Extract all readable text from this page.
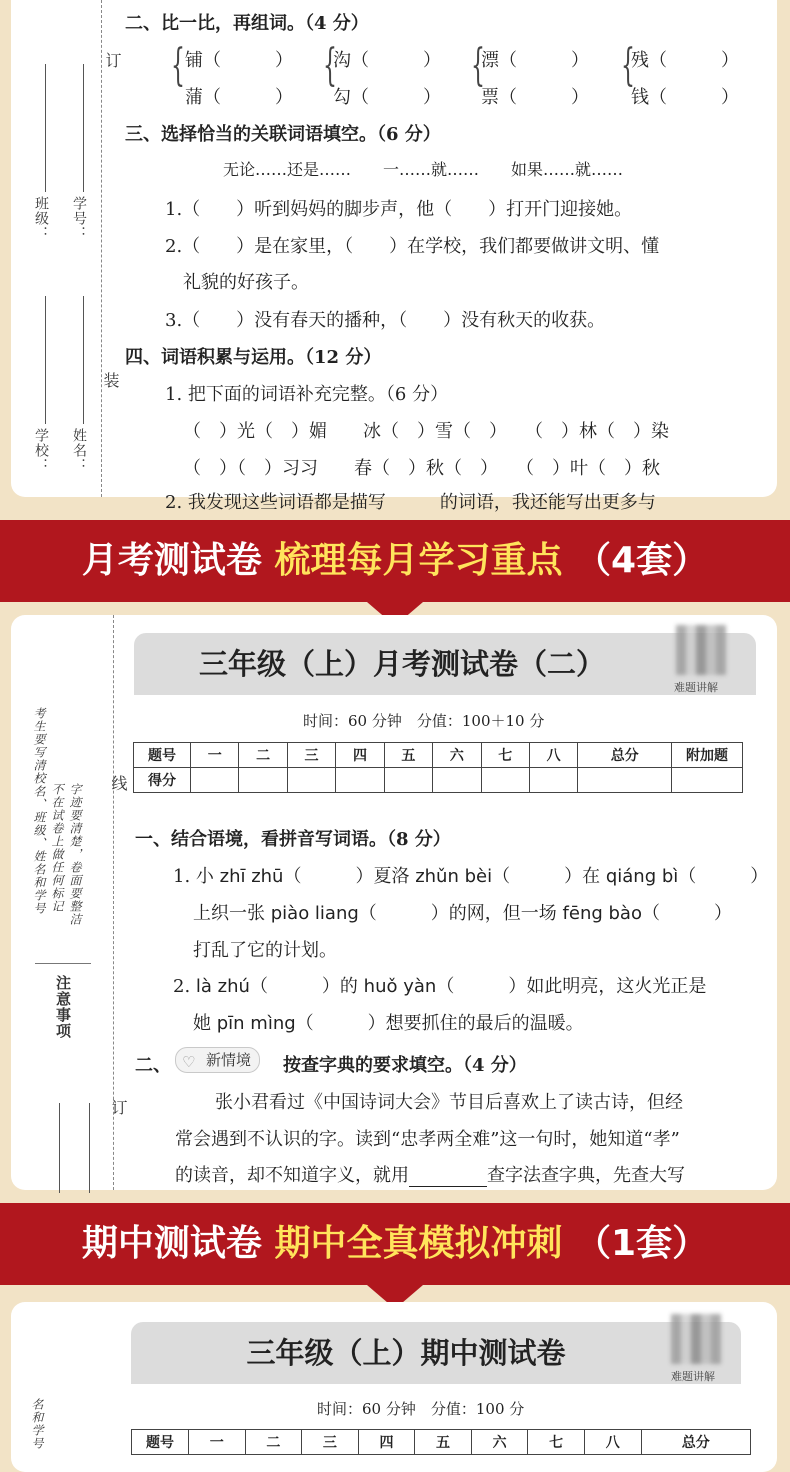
订
装
班级： 学号：
学校： 姓名：
二、比一比，再组词。（4 分）
{ 铺（　　　）
蒲（　　　）
{
沟（　　　）
勾（　　　）
{
漂（　　　）
票（　　　）
{
残（　　　）
钱（　　　）
三、选择恰当的关联词语填空。（6 分）
无论……还是……　　一……就……　　如果……就……
1.（　　）听到妈妈的脚步声，他（　　）打开门迎接她。
2.（　　）是在家里，（　　）在学校，我们都要做讲文明、懂
礼貌的好孩子。
3.（　　）没有春天的播种，（　　）没有秋天的收获。
四、词语积累与运用。（12 分）
1. 把下面的词语补充完整。（6 分）
（　）光（　）媚　　冰（　）雪（　）　　（　）林（　）染
（　）（　）习习　　春（　）秋（　）　　（　）叶（　）秋
2. 我发现这些词语都是描写　　　的词语，我还能写出更多与
月考测试卷 梳理每月学习重点 （4套）
三年级（上）月考测试卷（二）
难题讲解
时间：60 分钟　分值：100＋10 分
题号	一	二	三	四	五	六	七	八	总分	附加题
得分										
考生要写清校名、班级、姓名和学号 不在试卷上做任何标记 字迹要清楚，卷面要整洁
注意事项
线
订
一、结合语境，看拼音写词语。（8 分）
1. 小 zhī zhū（　　　）夏洛 zhǔn bèi（　　　）在 qiáng bì（　　　）
上织一张 piào liang（　　　）的网，但一场 fēng bào（　　　）
打乱了它的计划。
2. là zhú（　　　）的 huǒ yàn（　　　）如此明亮，这火光正是
她 pīn mìng（　　　）想要抓住的最后的温暖。
二、 ♡ 新情境	按查字典的要求填空。（4 分）
张小君看过《中国诗词大会》节目后喜欢上了读古诗，但经
常会遇到不认识的字。读到“忠孝两全难”这一句时，她知道“孝”
的读音，却不知道字义，就用	查字法查字典，先查大写
期中测试卷 期中全真模拟冲刺 （1套）
三年级（上）期中测试卷
难题讲解
时间：60 分钟　分值：100 分
名和学号	题号	一	二	三	四	五	六	七	八	总分
